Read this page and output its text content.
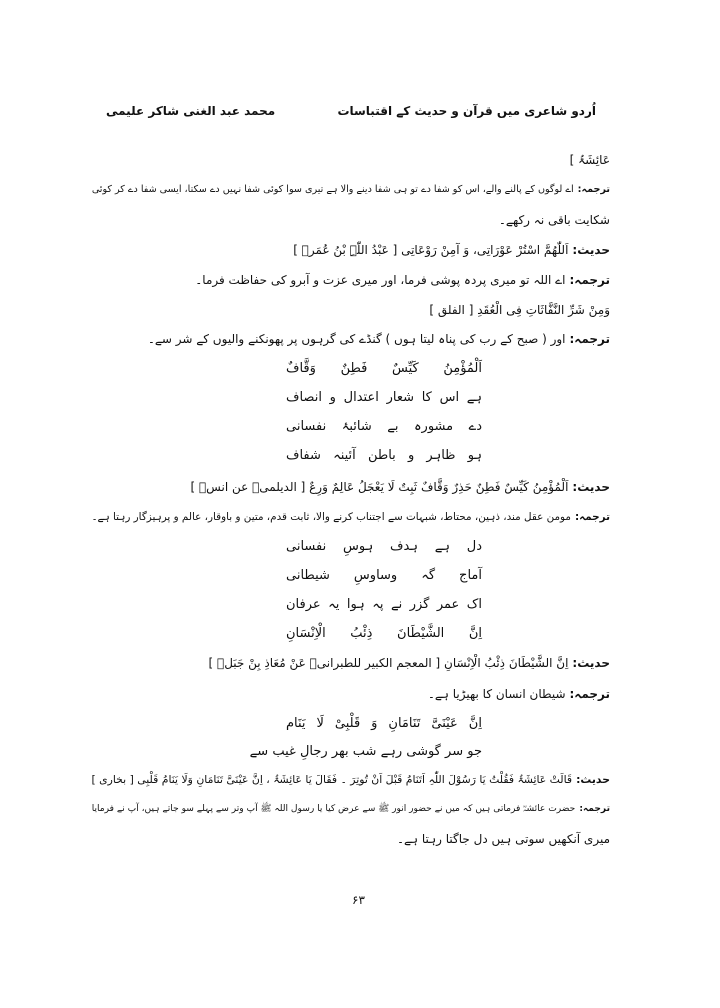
محمد عبد الغنی شاکر علیمی	اُردو شاعری میں قرآن و حدیث کے اقتباسات
عَائِشَۃُ ]
ترجمہ:اے لوگوں کے پالنے والے، اس کو شفا دے تو ہی شفا دینے والا ہے تیری سوا کوئی شفا نہیں دے سکتا، ایسی شفا دے کر کوئی
شکایت باقی نہ رکھے۔
حدیث:اَللّٰھُمَّ اسْتُرْ عَوْرَاتِی، وَ آمِنْ رَوْعَاتِی [ عَبْدُ اللّٰہِ بْنُ عُمَرؓ ]
ترجمہ:اے اللہ تو میری پردہ پوشی فرما، اور میری عزت و آبرو کی حفاظت فرما۔
وَمِنْ شَرِّ النَّفَّاثَاتِ فِی الْعُقَدِ [ الفلق ]
ترجمہ:اور ( صبح کے رب کی پناہ لیتا ہوں ) گنڈے کی گرہوں پر پھونکنے والیوں کے شر سے۔
اَلْمُؤْمِنُ کَیِّسٌ فَطِنٌ وَقَّافٌ
ہے اس کا شعار اعتدال و انصاف
دے مشورہ بے شائبۂ نفسانی
ہو ظاہر و باطن آئینہ شفاف
حدیث:اَلْمُؤْمِنُ کَیِّسٌ فَطِنٌ حَذِرٌ وَقَّافٌ ثَبِتٌ لَا یَعْجَلُ عَالِمٌ وَرِعٌ [ الدیلمی۔ عن انسؓ ]
ترجمہ:مومن عقل مند، ذہین، محتاط، شبہات سے اجتناب کرنے والا، ثابت قدم، متین و باوقار، عالم و پرہیزگار رہتا ہے۔
دل ہے ہدف ہوسِ نفسانی
آماج گہ وساوسِ شیطانی
اک عمر گزر نے پہ ہوا یہ عرفان
اِنَّ الشَّیْطَانَ ذِئْبُ الْاِنْسَانِ
حدیث:اِنَّ الشَّیْطَانَ ذِئْبُ الْاِنْسَانِ [ المعجم الکبیر للطبرانی۔ عَنْ مُعَاذِ بِنْ جَبَلؓ ]
ترجمہ:شیطان انسان کا بھیڑیا ہے۔
اِنَّ عَیْنَیَّ تَنَامَانِ وَ قَلْبِیْ لَا یَنَام
جو سر گوشی رہے شب بھر رجالِ غیب سے
حدیث:قَالَتْ عَائِشَۃُ فَقُلْتُ یَا رَسُوْلَ اللّٰہِ اَتَنَامُ قَبْلَ اَنْ تُوتِرَ ۔ فَقَالَ یَا عَائِشَۃُ ، اِنَّ عَیْنَیَّ تَنَامَانِ وَلَا یَنَامُ قَلْبِی [ بخاری ]
ترجمہ:حضرت عائشہؓ فرماتی ہیں کہ میں نے حضور انور ﷺ سے عرض کیا یا رسول اللہ ﷺ آپ وتر سے پہلے سو جاتے ہیں، آپ نے فرمایا
میری آنکھیں سوتی ہیں دل جاگتا رہتا ہے۔
۶۳
